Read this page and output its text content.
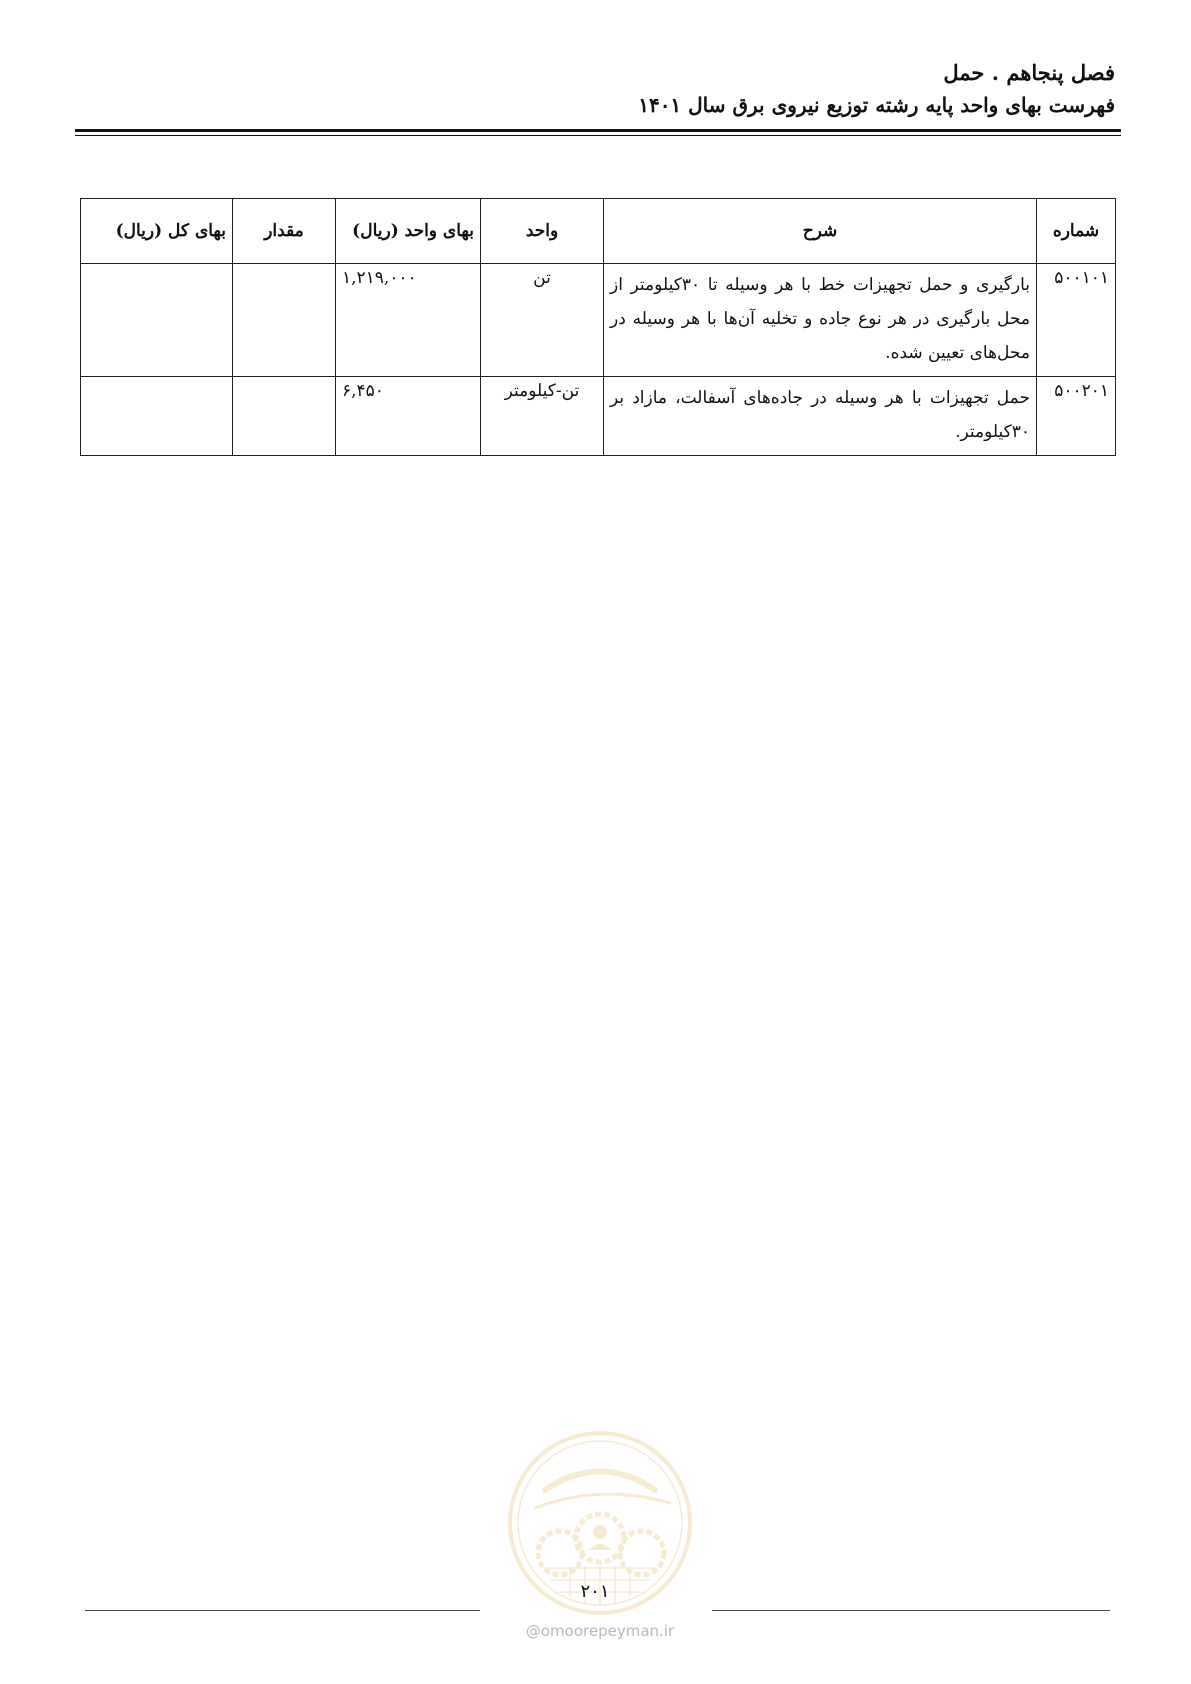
فصل پنجاهم . حمل
فهرست بهای واحد پایه رشته توزیع نیروی برق سال ۱۴۰۱
شماره	شرح	واحد	بهای واحد (ریال)	مقدار	بهای کل (ریال)
۵۰۰۱۰۱	بارگیری و حمل تجهیزات خط با هر وسیله تا ۳۰کیلومتر از محل بارگیری در هر نوع جاده و تخلیه آن‌ها با هر وسیله در محل‌های تعیین شده.	تن	۱,۲۱۹,۰۰۰		
۵۰۰۲۰۱	حمل تجهیزات با هر وسیله در جاده‌های آسفالت، مازاد بر ۳۰کیلومتر.	تن-کیلومتر	۶,۴۵۰		
۲۰۱
@omoorepeyman.ir
